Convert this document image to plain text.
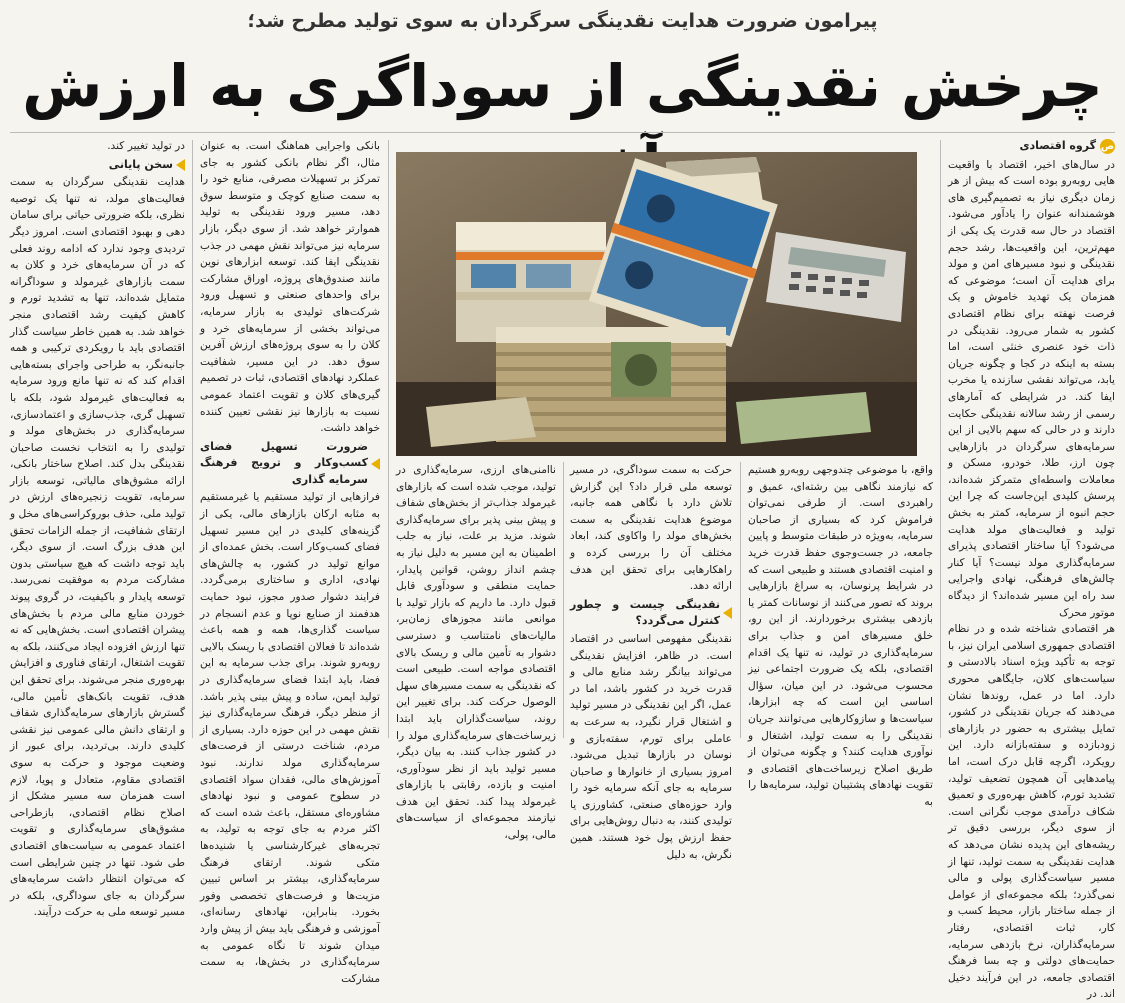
پیرامون ضرورت هدایت نقدینگی سرگردان به سوی تولید مطرح شد؛
چرخش نقدینگی از سوداگری به ارزش
ص
گروه اقتصادی

در سال‌های اخیر، اقتصاد با واقعیت هایی روبه‌رو بوده است که بیش از هر زمان دیگری نیاز به تصمیم‌گیری های هوشمندانه عنوان را یادآور می‌شود. اقتصاد در حال سه قدرت یک یکی از مهم‌ترین، این واقعیت‌ها، رشد حجم نقدینگی و نبود مسیرهای امن و مولد برای هدایت آن است؛ موضوعی که همزمان یک تهدید خاموش و یک فرصت نهفته برای نظام اقتصادی کشور به شمار می‌رود. نقدینگی در ذات خود عنصری خنثی است، اما بسته به اینکه در کجا و چگونه جریان یابد، می‌تواند نقشی سازنده یا مخرب ایفا کند. در شرایطی که آمارهای رسمی از رشد سالانه نقدینگی حکایت دارند و در حالی که سهم بالایی از این سرمایه‌های سرگردان در بازارهایی چون ارز، طلا، خودرو، مسکن و معاملات واسطه‌ای متمرکز شده‌اند، پرسش کلیدی این‌جاست که چرا این حجم انبوه از سرمایه، کمتر به بخش تولید و فعالیت‌های مولد هدایت می‌شود؟ آیا ساختار اقتصادی پذیرای سرمایه‌گذاری مولد نیست؟ آیا کنار چالش‌های فرهنگی، نهادی واجرایی سد راه این مسیر شده‌اند؟ از دیدگاه موتور محرک

هر اقتصادی شناخته شده و در نظام اقتصادی جمهوری اسلامی ایران نیز، با توجه به تأکید ویژه اسناد بالادستی و سیاست‌های کلان، جایگاهی محوری دارد. اما در عمل، روندها نشان می‌دهند که جریان نقدینگی در کشور، تمایل بیشتری به حضور در بازارهای زودبازده و سفته‌بازانه دارد. این رویکرد، اگرچه قابل درک است، اما پیامدهایی آن همچون تضعیف تولید، تشدید تورم، کاهش بهره‌وری و تعمیق شکاف درآمدی موجب نگرانی است. از سوی دیگر، بررسی دقیق تر ریشه‌های این پدیده نشان می‌دهد که هدایت نقدینگی به سمت تولید، تنها از مسیر سیاست‌گذاری پولی و مالی نمی‌گذرد؛ بلکه مجموعه‌ای از عوامل از جمله ساختار بازار، محیط کسب و کار، ثبات اقتصادی، رفتار سرمایه‌گذاران، نرخ بازدهی سرمایه، حمایت‌های دولتی و چه بسا فرهنگ اقتصادی جامعه، در این فرآیند دخیل اند. در

واقع، با موضوعی چندوجهی روبه‌رو هستیم که نیازمند نگاهی بین رشته‌ای، عمیق و راهبردی است. از طرفی نمی‌توان فراموش کرد که بسیاری از صاحبان سرمایه، به‌ویژه در طبقات متوسط و پایین جامعه، در جست‌وجوی حفظ قدرت خرید و امنیت اقتصادی هستند و طبیعی است که در شرایط پرنوسان، به سراغ بازارهایی بروند که تصور می‌کنند از نوسانات کمتر یا بازدهی بیشتری برخوردارند. از این رو، خلق مسیرهای امن و جذاب برای سرمایه‌گذاری در تولید، نه تنها یک اقدام اقتصادی، بلکه یک ضرورت اجتماعی نیز محسوب می‌شود. در این میان، سؤال اساسی این است که چه ابزارها، سیاست‌ها و سازوکارهایی می‌توانند جریان نقدینگی را به سمت تولید، اشتغال و نوآوری هدایت کنند؟ و چگونه می‌توان از طریق اصلاح زیرساخت‌های اقتصادی و تقویت نهادهای پشتیبان تولید، سرمایه‌ها را به

حرکت به سمت سوداگری، در مسیر توسعه ملی قرار داد؟ این گزارش تلاش دارد با نگاهی همه جانبه، موضوع هدایت نقدینگی به سمت بخش‌های مولد را واکاوی کند، ابعاد مختلف آن را بررسی کرده و راهکارهایی برای تحقق این هدف ارائه دهد.

نقدینگی چیست و چطور کنترل می‌گردد؟

نقدینگی مفهومی اساسی در اقتصاد است. در ظاهر، افزایش نقدینگی می‌تواند بیانگر رشد منابع مالی و قدرت خرید در کشور باشد، اما در عمل، اگر این نقدینگی در مسیر تولید و اشتغال قرار نگیرد، به سرعت به عاملی برای تورم، سفته‌بازی و نوسان در بازارها تبدیل می‌شود. امروز بسیاری از خانوارها و صاحبان سرمایه به جای آنکه سرمایه خود را وارد حوزه‌های صنعتی، کشاورزی یا تولیدی کنند، به دنبال روش‌هایی برای حفظ ارزش پول خود هستند. همین نگرش، به دلیل

ناامنی‌های ارزی، سرمایه‌گذاری در تولید، موجب شده است که بازارهای غیرمولد جذاب‌تر از بخش‌های شفاف و پیش بینی پذیر برای سرمایه‌گذاری شوند. مزید بر علت، نیاز به جلب اطمینان به این مسیر به دلیل نیاز به چشم انداز روشن، قوانین پایدار، حمایت منطقی و سودآوری قابل قبول دارد. ما داریم که بازار تولید با موانعی مانند مجوزهای زمان‌بر، مالیات‌های نامتناسب و دسترسی دشوار به تأمین مالی و ریسک بالای اقتصادی مواجه است. طبیعی است که نقدینگی به سمت مسیرهای سهل الوصول حرکت کند. برای تغییر این روند، سیاست‌گذاران باید ابتدا زیرساخت‌های سرمایه‌گذاری مولد را در کشور جذاب کنند. به بیان دیگر، مسیر تولید باید از نظر سودآوری، امنیت و بازده، رقابتی با بازارهای غیرمولد پیدا کند. تحقق این هدف نیازمند مجموعه‌ای از سیاست‌های مالی، پولی،

بانکی واجرایی هماهنگ است. به عنوان مثال، اگر نظام بانکی کشور به جای تمرکز بر تسهیلات مصرفی، منابع خود را به سمت صنایع کوچک و متوسط سوق دهد، مسیر ورود نقدینگی به تولید هموارتر خواهد شد. از سوی دیگر، بازار سرمایه نیز می‌تواند نقش مهمی در جذب نقدینگی ایفا کند. توسعه ابزارهای نوین مانند صندوق‌های پروژه، اوراق مشارکت برای واحدهای صنعتی و تسهیل ورود شرکت‌های تولیدی به بازار سرمایه، می‌تواند بخشی از سرمایه‌های خرد و کلان را به سوی پروژه‌های ارزش آفرین سوق دهد. در این مسیر، شفافیت عملکرد نهادهای اقتصادی، ثبات در تصمیم گیری‌های کلان و تقویت اعتماد عمومی نسبت به بازارها نیز نقشی تعیین کننده خواهد داشت.

ضرورت تسهیل فضای کسب‌وکار و ترویج فرهنگ سرمایه گذاری

فرازهایی از تولید مستقیم یا غیرمستقیم به مثابه ارکان بازارهای مالی، یکی از گزینه‌های کلیدی در این مسیر تسهیل فضای کسب‌وکار است. بخش عمده‌ای از موانع تولید در کشور، به چالش‌های نهادی، اداری و ساختاری برمی‌گردد. فرایند دشوار صدور مجوز، نبود حمایت هدفمند از صنایع نوپا و عدم انسجام در سیاست گذاری‌ها، همه و همه باعث شده‌اند تا فعالان اقتصادی با ریسک بالایی روبه‌رو شوند. برای جذب سرمایه به این فضا، باید ابتدا فضای سرمایه‌گذاری در تولید ایمن، ساده و پیش بینی پذیر باشد. از منظر دیگر، فرهنگ سرمایه‌گذاری نیز نقش مهمی در این حوزه دارد. بسیاری از مردم، شناخت درستی از فرصت‌های سرمایه‌گذاری مولد ندارند. نبود آموزش‌های مالی، فقدان سواد اقتصادی در سطوح عمومی و نبود نهادهای مشاوره‌ای مستقل، باعث شده است که اکثر مردم به جای توجه به تولید، به تجربه‌های غیرکارشناسی یا شنیده‌ها متکی شوند. ارتقای فرهنگ سرمایه‌گذاری، بیشتر بر اساس تبیین مزیت‌ها و فرصت‌های تخصصی وفور بخورد. بنابراین، نهادهای رسانه‌ای، آموزشی و فرهنگی باید بیش از پیش وارد میدان شوند تا نگاه عمومی به سرمایه‌گذاری در بخش‌ها، به سمت مشارکت

در تولید تغییر کند.

سخن پایانی

هدایت نقدینگی سرگردان به سمت فعالیت‌های مولد، نه تنها یک توصیه نظری، بلکه ضرورتی حیاتی برای سامان دهی و بهبود اقتصادی است. امروز دیگر تردیدی وجود ندارد که ادامه روند فعلی که در آن سرمایه‌های خرد و کلان به سمت بازارهای غیرمولد و سوداگرانه متمایل شده‌اند، تنها به تشدید تورم و کاهش کیفیت رشد اقتصادی منجر خواهد شد. به همین خاطر سیاست گذار اقتصادی باید با رویکردی ترکیبی و همه جانبه‌نگر، به طراحی واجرای بسته‌هایی اقدام کند که نه تنها مانع ورود سرمایه به فعالیت‌های غیرمولد شود، بلکه با تسهیل گری، جذب‌سازی و اعتمادسازی، سرمایه‌گذاری در بخش‌های مولد و تولیدی را به انتخاب نخست صاحبان نقدینگی بدل کند. اصلاح ساختار بانکی، ارائه مشوق‌های مالیاتی، توسعه بازار سرمایه، تقویت زنجیره‌های ارزش در تولید ملی، حذف بوروکراسی‌های مخل و ارتقای شفافیت، از جمله الزامات تحقق این هدف بزرگ است. از سوی دیگر، باید توجه داشت که هیچ سیاستی بدون مشارکت مردم به موفقیت نمی‌رسد. توسعه پایدار و باکیفیت، در گروی پیوند خوردن منابع مالی مردم با بخش‌های پیشران اقتصادی است. بخش‌هایی که نه تنها ارزش افزوده ایجاد می‌کنند، بلکه به تقویت اشتغال، ارتقای فناوری و افزایش بهره‌وری منجر می‌شوند. برای تحقق این هدف، تقویت بانک‌های تأمین مالی، گسترش بازارهای سرمایه‌گذاری شفاف و ارتقای دانش مالی عمومی نیز نقشی کلیدی دارند. بی‌تردید، برای عبور از وضعیت موجود و حرکت به سوی اقتصادی مقاوم، متعادل و پویا، لازم است همزمان سه مسیر مشکل از اصلاح نظام اقتصادی، بازطراحی مشوق‌های سرمایه‌گذاری و تقویت اعتماد عمومی به سیاست‌های اقتصادی طی شود. تنها در چنین شرایطی است که می‌توان انتظار داشت سرمایه‌های سرگردان به جای سوداگری، بلکه در مسیر توسعه ملی به حرکت درآیند.
